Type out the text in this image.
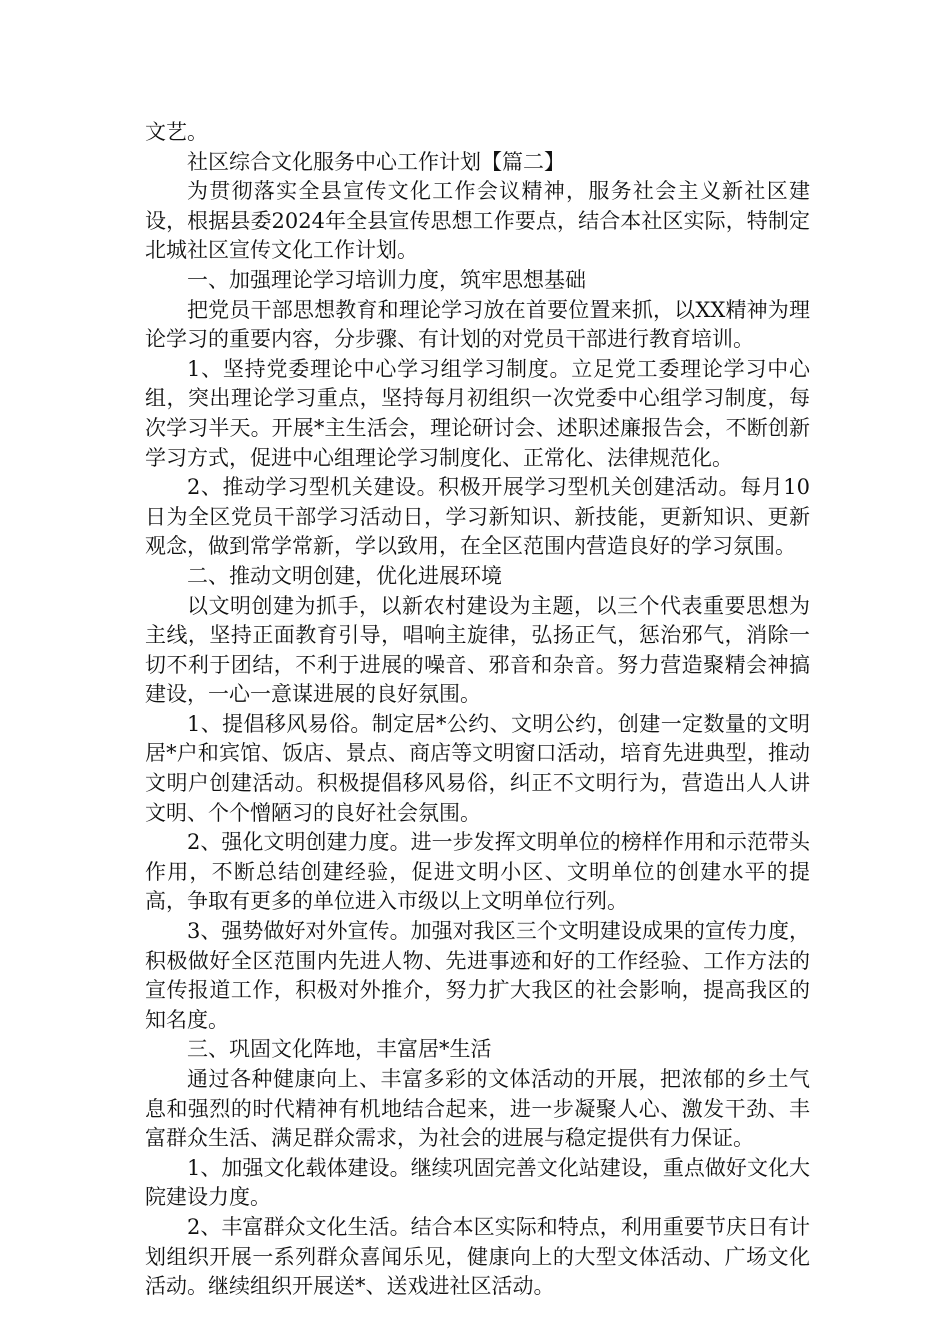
文艺。

社区综合文化服务中心工作计划【篇二】

为贯彻落实全县宣传文化工作会议精神，服务社会主义新社区建设，根据县委2024年全县宣传思想工作要点，结合本社区实际，特制定北城社区宣传文化工作计划。

一、加强理论学习培训力度，筑牢思想基础

把党员干部思想教育和理论学习放在首要位置来抓，以XX精神为理论学习的重要内容，分步骤、有计划的对党员干部进行教育培训。

1、坚持党委理论中心学习组学习制度。立足党工委理论学习中心组，突出理论学习重点，坚持每月初组织一次党委中心组学习制度，每次学习半天。开展*主生活会，理论研讨会、述职述廉报告会，不断创新学习方式，促进中心组理论学习制度化、正常化、法律规范化。

2、推动学习型机关建设。积极开展学习型机关创建活动。每月10日为全区党员干部学习活动日，学习新知识、新技能，更新知识、更新观念，做到常学常新，学以致用，在全区范围内营造良好的学习氛围。

二、推动文明创建，优化进展环境

以文明创建为抓手，以新农村建设为主题，以三个代表重要思想为主线，坚持正面教育引导，唱响主旋律，弘扬正气，惩治邪气，消除一切不利于团结，不利于进展的噪音、邪音和杂音。努力营造聚精会神搞建设，一心一意谋进展的良好氛围。

1、提倡移风易俗。制定居*公约、文明公约，创建一定数量的文明居*户和宾馆、饭店、景点、商店等文明窗口活动，培育先进典型，推动文明户创建活动。积极提倡移风易俗，纠正不文明行为，营造出人人讲文明、个个憎陋习的良好社会氛围。

2、强化文明创建力度。进一步发挥文明单位的榜样作用和示范带头作用，不断总结创建经验，促进文明小区、文明单位的创建水平的提高，争取有更多的单位进入市级以上文明单位行列。

3、强势做好对外宣传。加强对我区三个文明建设成果的宣传力度，积极做好全区范围内先进人物、先进事迹和好的工作经验、工作方法的宣传报道工作，积极对外推介，努力扩大我区的社会影响，提高我区的知名度。

三、巩固文化阵地，丰富居*生活

通过各种健康向上、丰富多彩的文体活动的开展，把浓郁的乡土气息和强烈的时代精神有机地结合起来，进一步凝聚人心、激发干劲、丰富群众生活、满足群众需求，为社会的进展与稳定提供有力保证。

1、加强文化载体建设。继续巩固完善文化站建设，重点做好文化大院建设力度。

2、丰富群众文化生活。结合本区实际和特点，利用重要节庆日有计划组织开展一系列群众喜闻乐见，健康向上的大型文体活动、广场文化活动。继续组织开展送*、送戏进社区活动。
